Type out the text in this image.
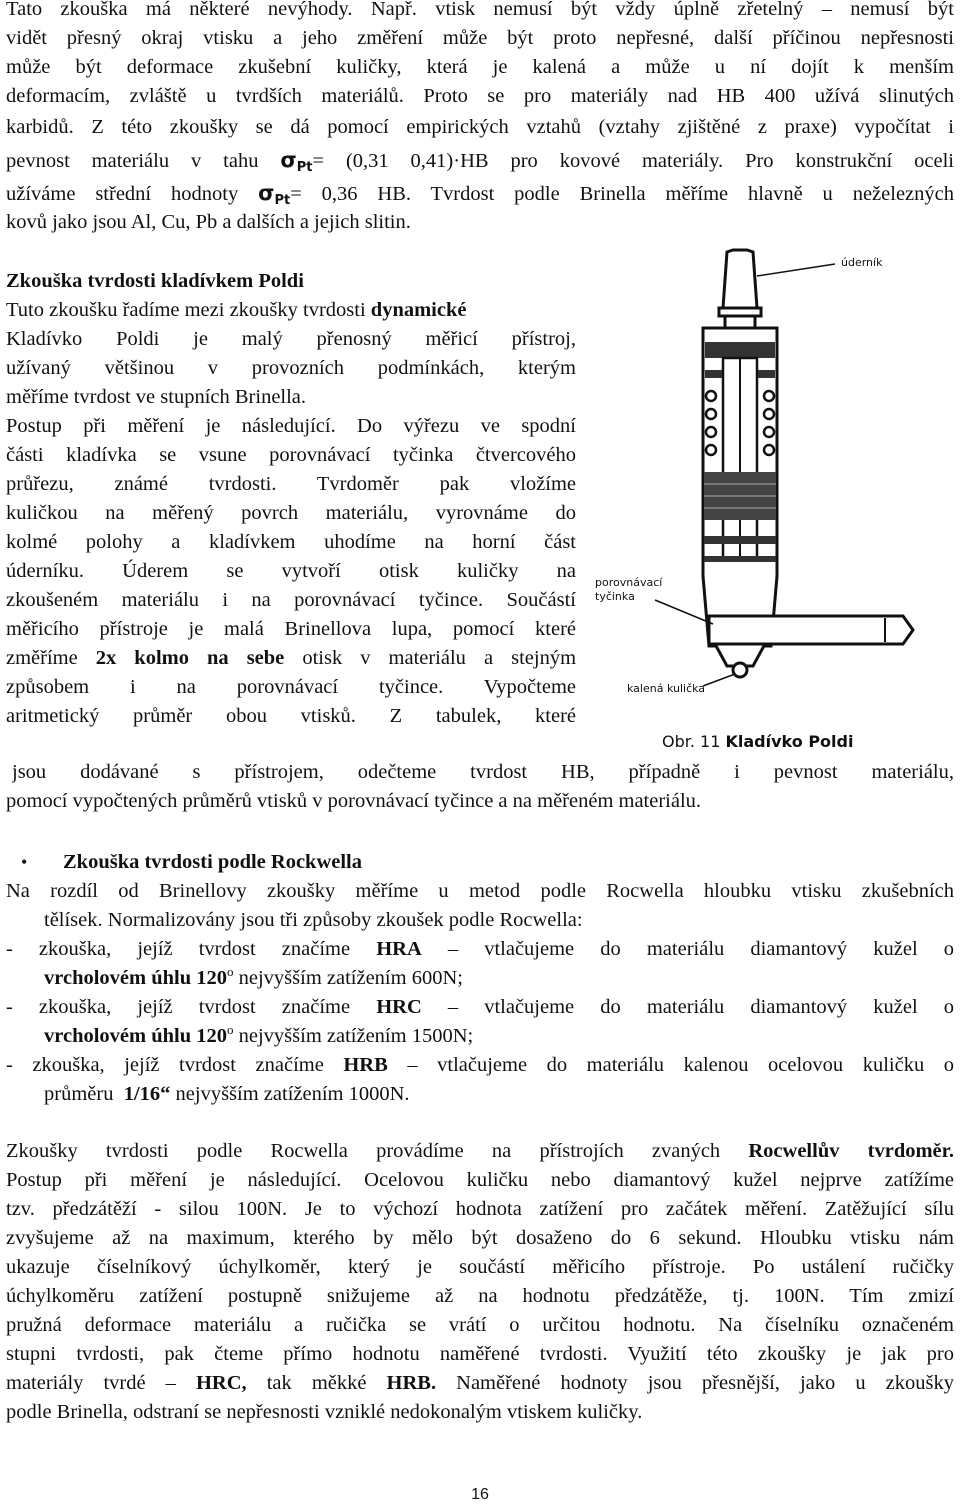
Tato zkouška má některé nevýhody. Např. vtisk nemusí být vždy úplně zřetelný – nemusí být
vidět přesný okraj vtisku a jeho změření může být proto nepřesné, další příčinou nepřesnosti
může být deformace zkušební kuličky, která je kalená a může u ní dojít k menším
deformacím, zvláště u tvrdších materiálů. Proto se pro materiály nad HB 400 užívá slinutých
karbidů. Z této zkoušky se dá pomocí empirických vztahů (vztahy zjištěné z praxe) vypočítat i
pevnost materiálu v tahu $\sigma_{Pt}= (0,31$ 0,41)·HB pro kovové materiály. Pro konstrukční oceli
užíváme střední hodnoty $\sigma_{Pt}= 0,36$ HB. Tvrdost podle Brinella měříme hlavně u neželezných
kovů jako jsou Al, Cu, Pb a dalších a jejich slitin.
Zkouška tvrdosti kladívkem Poldi
Tuto zkoušku řadíme mezi zkoušky tvrdosti dynamické
Kladívko Poldi je malý přenosný měřicí přístroj,
užívaný většinou v provozních podmínkách, kterým
měříme tvrdost ve stupních Brinella.
Postup při měření je následující. Do výřezu ve spodní
části kladívka se vsune porovnávací tyčinka čtvercového
průřezu, známé tvrdosti. Tvrdoměr pak vložíme
kuličkou na měřený povrch materiálu, vyrovnáme do
kolmé polohy a kladívkem uhodíme na horní část
úderníku. Úderem se vytvoří otisk kuličky na
zkoušeném materiálu i na porovnávací tyčince. Součástí
měřicího přístroje je malá Brinellova lupa, pomocí které
změříme 2x kolmo na sebe otisk v materiálu a stejným
způsobem i na porovnávací tyčince. Vypočteme
aritmetický průměr obou vtisků. Z tabulek, které
úderník
porovnávací
tyčinka
kalená kulička
Obr. 11 Kladívko Poldi
jsou dodávané s přístrojem, odečteme tvrdost HB, případně i pevnost materiálu,
pomocí vypočtených průměrů vtisků v porovnávací tyčince a na měřeném materiálu.
• Zkouška tvrdosti podle Rockwella
Na rozdíl od Brinellovy zkoušky měříme u metod podle Rocwella hloubku vtisku zkušebních
tělísek. Normalizovány jsou tři způsoby zkoušek podle Rocwella:
- zkouška, jejíž tvrdost značíme HRA – vtlačujeme do materiálu diamantový kužel o
vrcholovém úhlu 120$^o$ nejvyšším zatížením 600N;
- zkouška, jejíž tvrdost značíme HRC – vtlačujeme do materiálu diamantový kužel o
vrcholovém úhlu 120$^o$ nejvyšším zatížením 1500N;
- zkouška, jejíž tvrdost značíme HRB – vtlačujeme do materiálu kalenou ocelovou kuličku o
průměru 1/16“ nejvyšším zatížením 1000N.
Zkoušky tvrdosti podle Rocwella provádíme na přístrojích zvaných Rocwellův tvrdoměr.
Postup při měření je následující. Ocelovou kuličku nebo diamantový kužel nejprve zatížíme
tzv. předzátěží - silou 100N. Je to výchozí hodnota zatížení pro začátek měření. Zatěžující sílu
zvyšujeme až na maximum, kterého by mělo být dosaženo do 6 sekund. Hloubku vtisku nám
ukazuje číselníkový úchylkoměr, který je součástí měřicího přístroje. Po ustálení ručičky
úchylkoměru zatížení postupně snižujeme až na hodnotu předzátěže, tj. 100N. Tím zmizí
pružná deformace materiálu a ručička se vrátí o určitou hodnotu. Na číselníku označeném
stupni tvrdosti, pak čteme přímo hodnotu naměřené tvrdosti. Využití této zkoušky je jak pro
materiály tvrdé – HRC, tak měkké HRB. Naměřené hodnoty jsou přesnější, jako u zkoušky
podle Brinella, odstraní se nepřesnosti vzniklé nedokonalým vtiskem kuličky.
16
